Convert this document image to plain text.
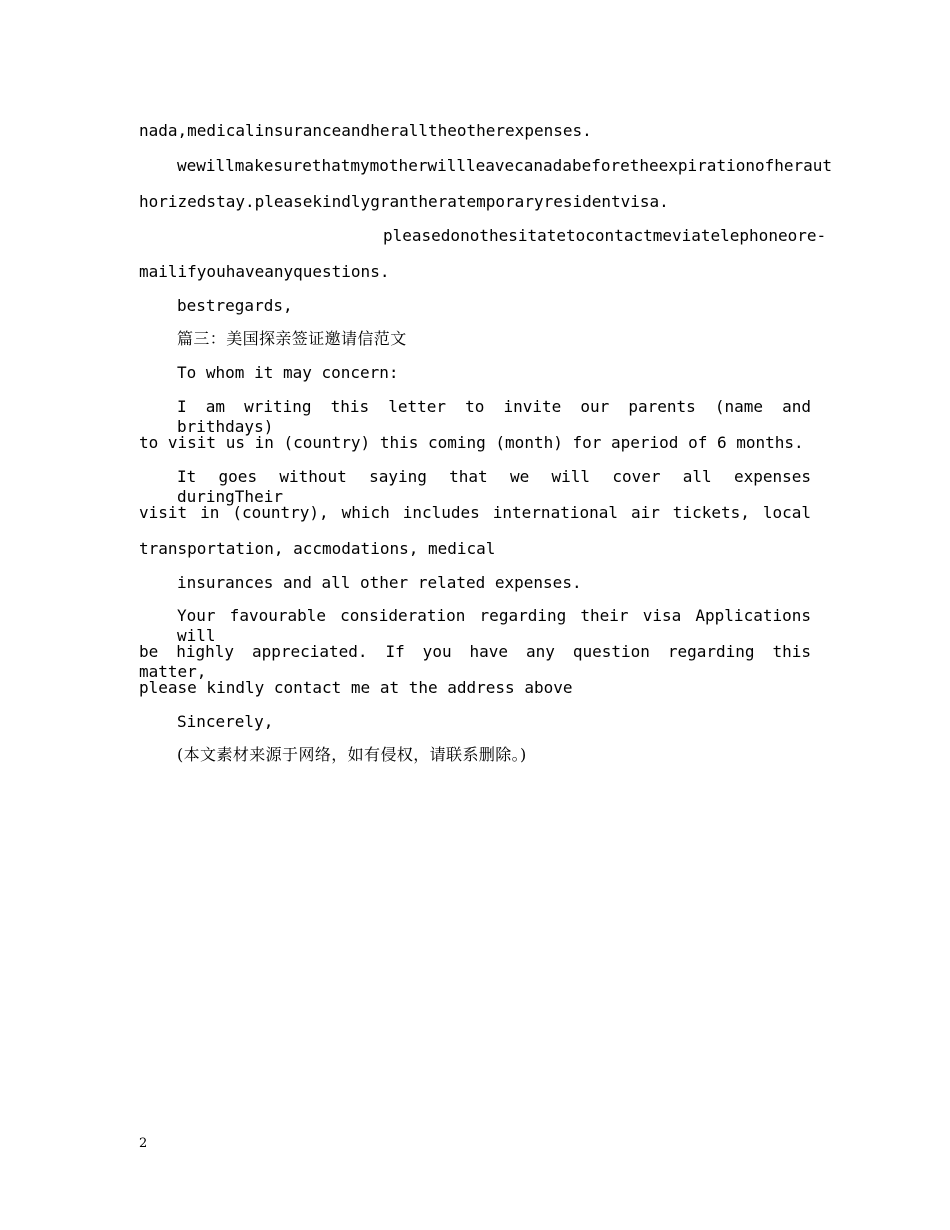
nada,medicalinsuranceandheralltheotherexpenses.
wewillmakesurethatmymotherwillleavecanadabeforetheexpirationofheraut
horizedstay.pleasekindlygrantheratemporaryresidentvisa.
pleasedonothesitatetocontactmeviatelephoneore-
mailifyouhaveanyquestions.
bestregards,
篇三：美国探亲签证邀请信范文
To whom it may concern:
I am writing this letter to invite our parents (name and brithdays)
to visit us in (country) this coming (month) for aperiod of 6 months.
It goes without saying that we will cover all expenses duringTheir
visit in (country), which includes international air tickets, local
transportation, accmodations, medical
insurances and all other related expenses.
Your favourable consideration regarding their visa Applications will
be highly appreciated. If you have any question regarding this matter,
please kindly contact me at the address above
Sincerely,
(本文素材来源于网络，如有侵权，请联系删除。)
2
